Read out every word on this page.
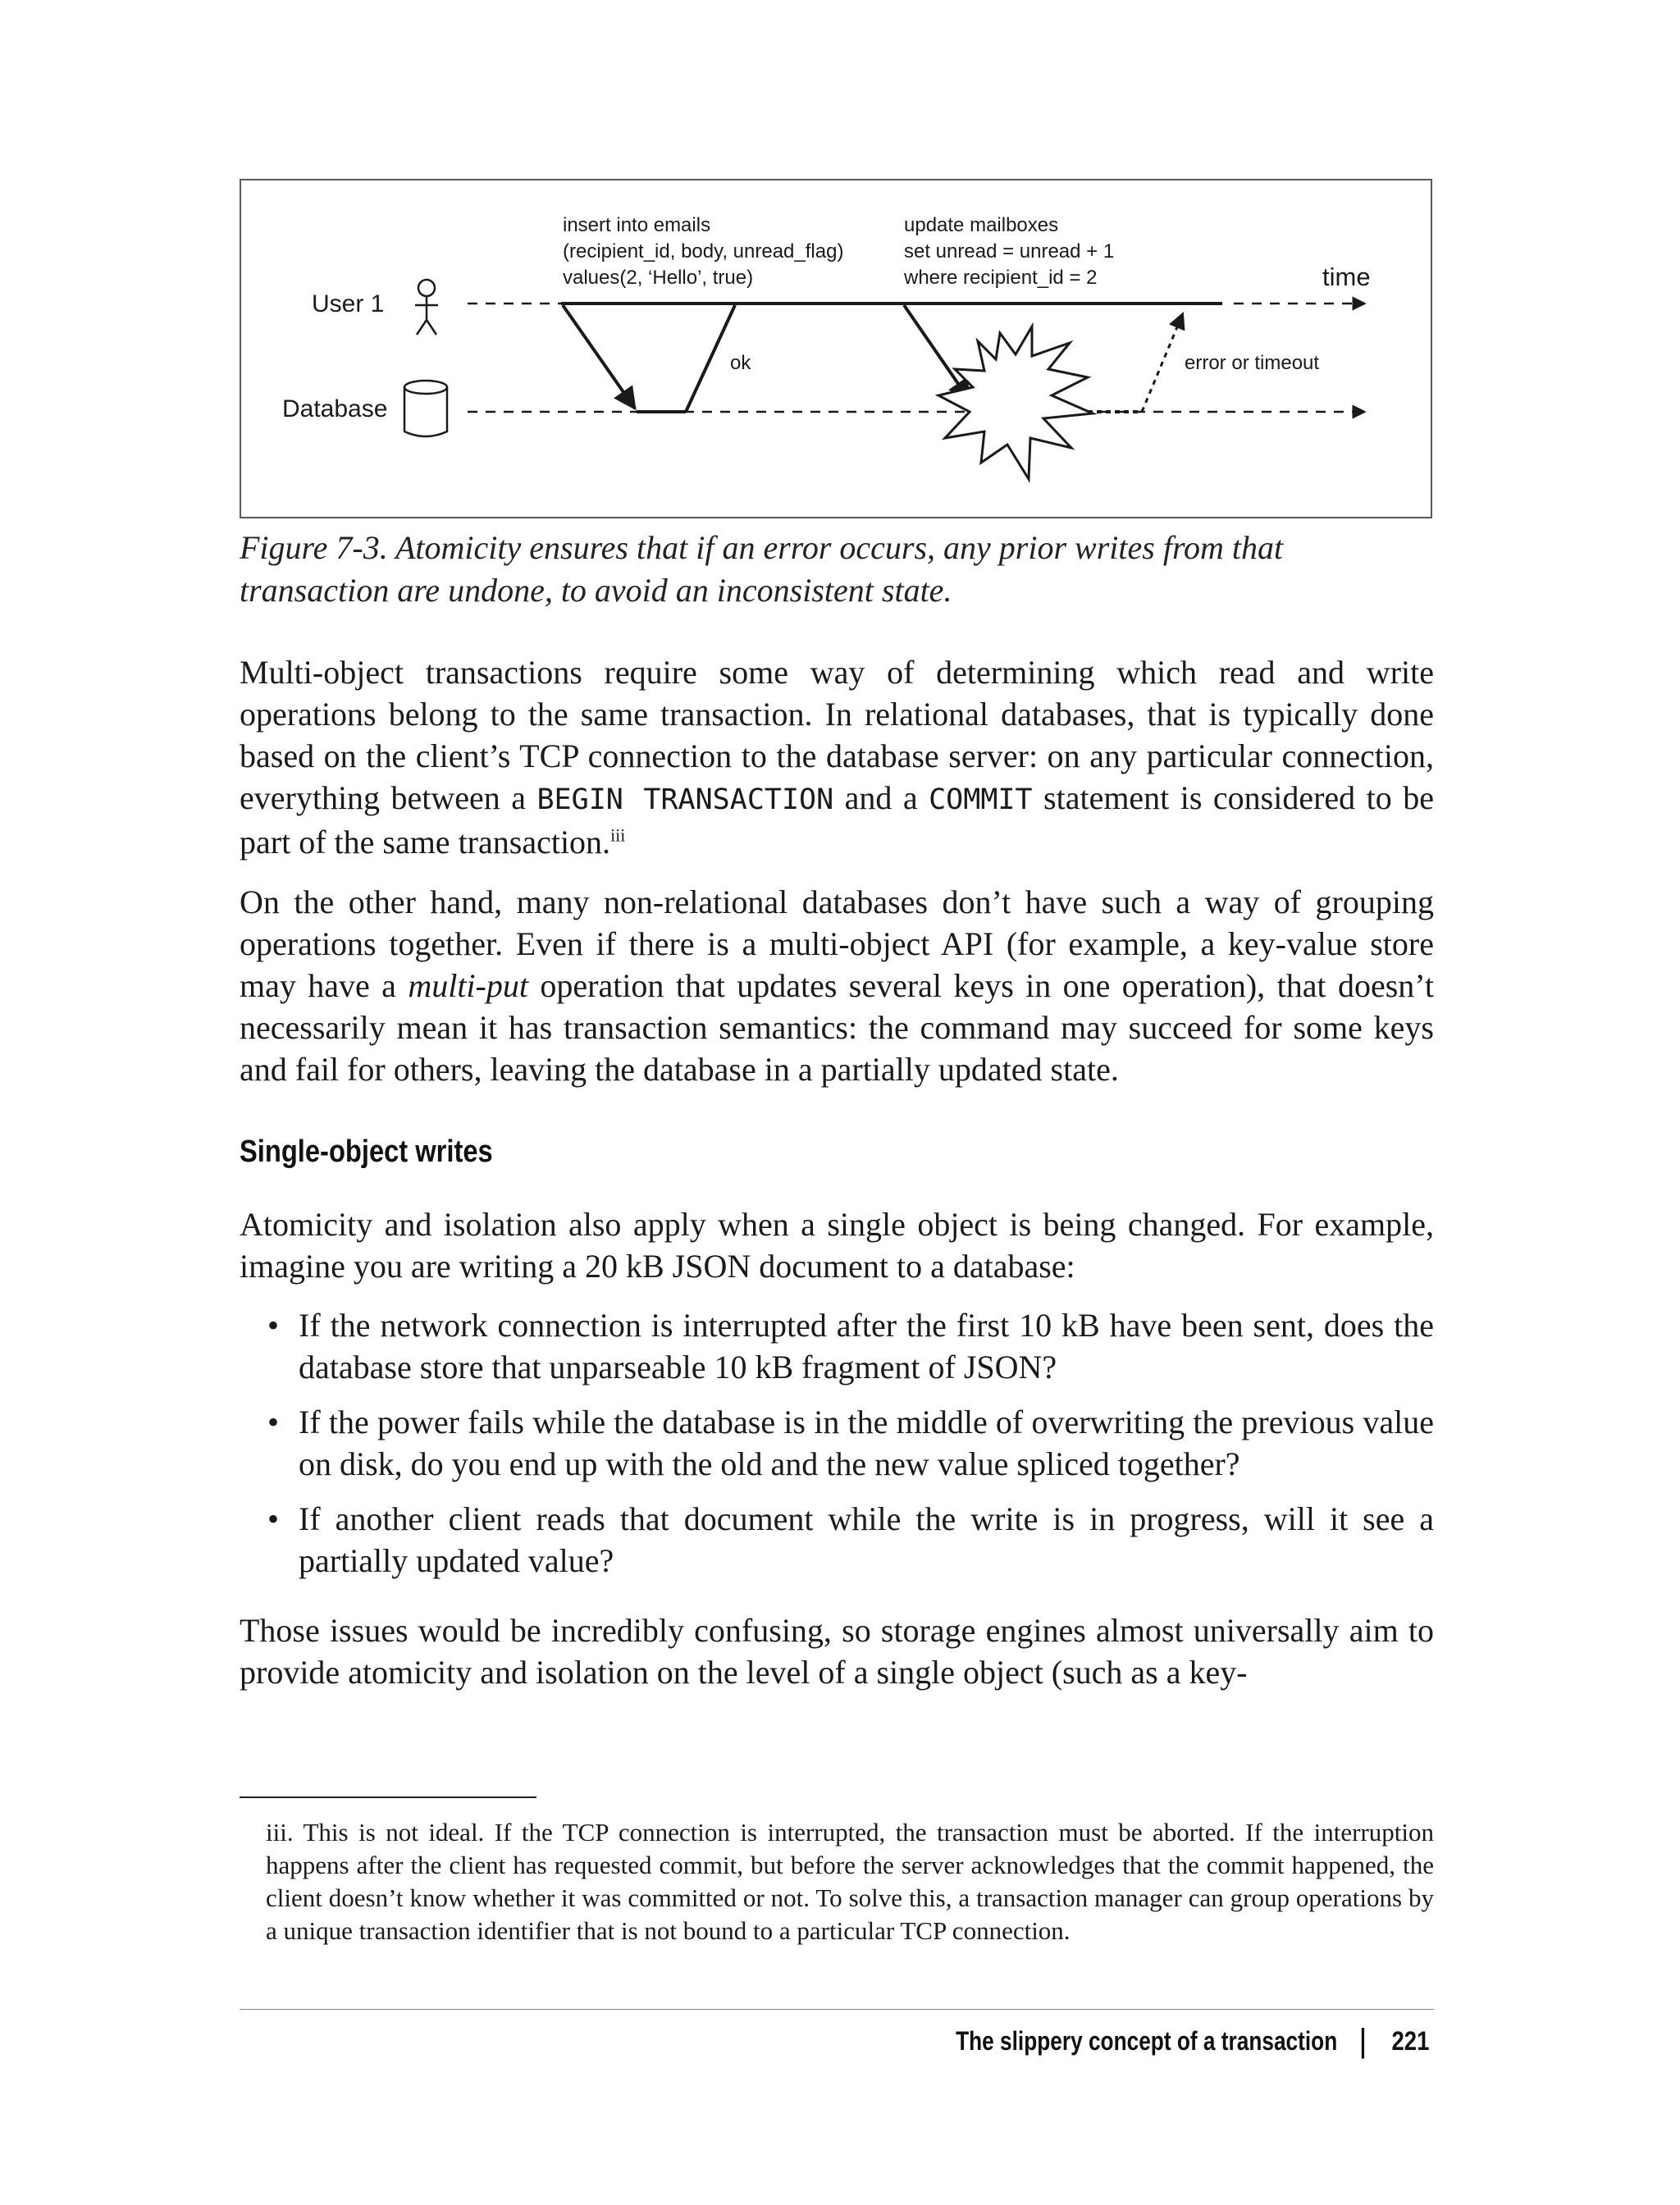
User 1
time
Database
ok
insert into emails (recipient_id, body, unread_flag) values(2, ‘Hello’, true)
update mailboxes set unread = unread + 1 where recipient_id = 2
error or timeout
Figure 7-3. Atomicity ensures that if an error occurs, any prior writes from that transaction are undone, to avoid an inconsistent state.

Multi-object transactions require some way of determining which read and write operations belong to the same transaction. In relational databases, that is typically done based on the client’s TCP connection to the database server: on any particular connection, everything between a BEGIN TRANSACTION and a COMMIT statement is considered to be part of the same transaction.$^{iii}$

On the other hand, many non-relational databases don’t have such a way of grouping operations together. Even if there is a multi-object API (for example, a key-value store may have a multi-put operation that updates several keys in one operation), that doesn’t necessarily mean it has transaction semantics: the command may succeed for some keys and fail for others, leaving the database in a partially updated state.

Single-object writes

Atomicity and isolation also apply when a single object is being changed. For example, imagine you are writing a 20 kB JSON document to a database:

• If the network connection is interrupted after the first 10 kB have been sent, does the database store that unparseable 10 kB fragment of JSON?
• If the power fails while the database is in the middle of overwriting the previous value on disk, do you end up with the old and the new value spliced together?
• If another client reads that document while the write is in progress, will it see a partially updated value?

Those issues would be incredibly confusing, so storage engines almost universally aim to provide atomicity and isolation on the level of a single object (such as a key-

iii. This is not ideal. If the TCP connection is interrupted, the transaction must be aborted. If the interruption happens after the client has requested commit, but before the server acknowledges that the commit happened, the client doesn’t know whether it was committed or not. To solve this, a transaction manager can group operations by a unique transaction identifier that is not bound to a particular TCP connection.
The slippery concept of a transaction | 221
